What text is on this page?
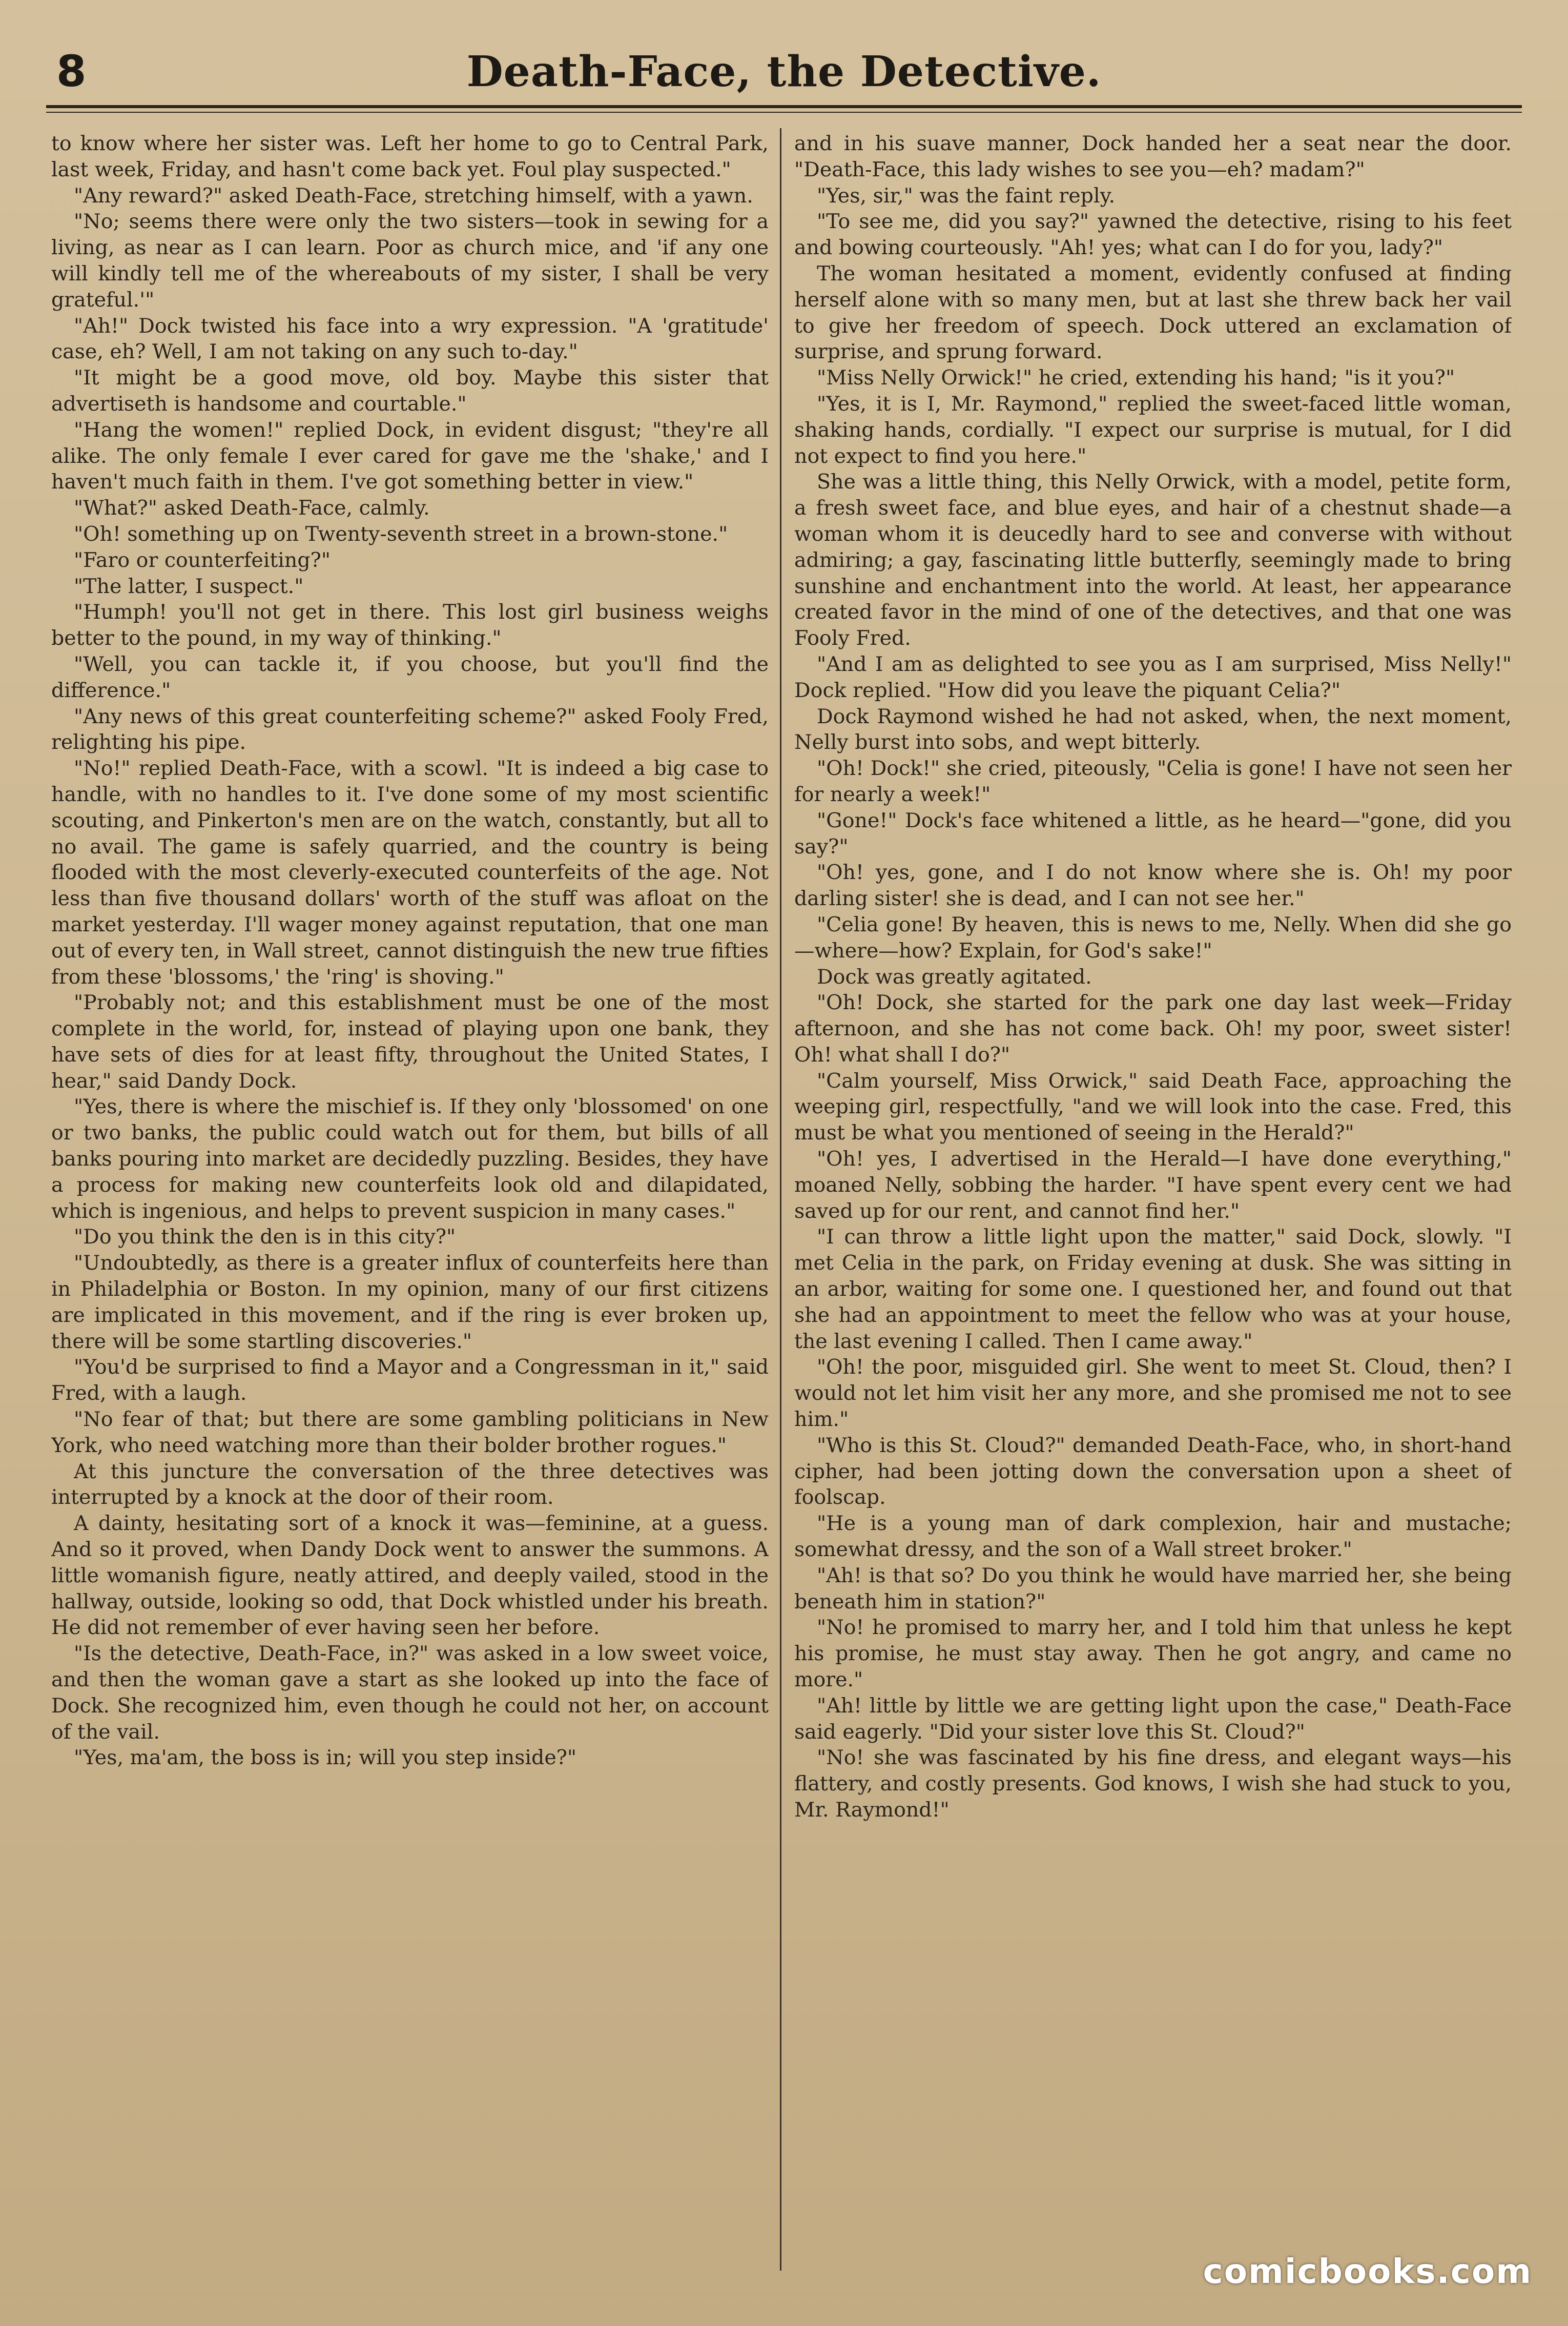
8	Death-Face, the Detective.

to know where her sister was. Left her home to go to Central Park, last week, Friday, and hasn't come back yet. Foul play suspected."

"Any reward?" asked Death-Face, stretching himself, with a yawn.

"No; seems there were only the two sisters—took in sewing for a living, as near as I can learn. Poor as church mice, and 'if any one will kindly tell me of the whereabouts of my sister, I shall be very grateful.'"

"Ah!" Dock twisted his face into a wry expression. "A 'gratitude' case, eh? Well, I am not taking on any such to-day."

"It might be a good move, old boy. Maybe this sister that advertiseth is handsome and courtable."

"Hang the women!" replied Dock, in evident disgust; "they're all alike. The only female I ever cared for gave me the 'shake,' and I haven't much faith in them. I've got something better in view."

"What?" asked Death-Face, calmly.

"Oh! something up on Twenty-seventh street in a brown-stone."

"Faro or counterfeiting?"

"The latter, I suspect."

"Humph! you'll not get in there. This lost girl business weighs better to the pound, in my way of thinking."

"Well, you can tackle it, if you choose, but you'll find the difference."

"Any news of this great counterfeiting scheme?" asked Fooly Fred, relighting his pipe.

"No!" replied Death-Face, with a scowl. "It is indeed a big case to handle, with no handles to it. I've done some of my most scientific scouting, and Pinkerton's men are on the watch, constantly, but all to no avail. The game is safely quarried, and the country is being flooded with the most cleverly-executed counterfeits of the age. Not less than five thousand dollars' worth of the stuff was afloat on the market yesterday. I'll wager money against reputation, that one man out of every ten, in Wall street, cannot distinguish the new true fifties from these 'blossoms,' the 'ring' is shoving."

"Probably not; and this establishment must be one of the most complete in the world, for, instead of playing upon one bank, they have sets of dies for at least fifty, throughout the United States, I hear," said Dandy Dock.

"Yes, there is where the mischief is. If they only 'blossomed' on one or two banks, the public could watch out for them, but bills of all banks pouring into market are decidedly puzzling. Besides, they have a process for making new counterfeits look old and dilapidated, which is ingenious, and helps to prevent suspicion in many cases."

"Do you think the den is in this city?"

"Undoubtedly, as there is a greater influx of counterfeits here than in Philadelphia or Boston. In my opinion, many of our first citizens are implicated in this movement, and if the ring is ever broken up, there will be some startling discoveries."

"You'd be surprised to find a Mayor and a Congressman in it," said Fred, with a laugh.

"No fear of that; but there are some gambling politicians in New York, who need watching more than their bolder brother rogues."

At this juncture the conversation of the three detectives was interrupted by a knock at the door of their room.

A dainty, hesitating sort of a knock it was—feminine, at a guess. And so it proved, when Dandy Dock went to answer the summons. A little womanish figure, neatly attired, and deeply vailed, stood in the hallway, outside, looking so odd, that Dock whistled under his breath. He did not remember of ever having seen her before.

"Is the detective, Death-Face, in?" was asked in a low sweet voice, and then the woman gave a start as she looked up into the face of Dock. She recognized him, even though he could not her, on account of the vail.

"Yes, ma'am, the boss is in; will you step inside?"

and in his suave manner, Dock handed her a seat near the door. "Death-Face, this lady wishes to see you—eh? madam?"

"Yes, sir," was the faint reply.

"To see me, did you say?" yawned the detective, rising to his feet and bowing courteously. "Ah! yes; what can I do for you, lady?"

The woman hesitated a moment, evidently confused at finding herself alone with so many men, but at last she threw back her vail to give her freedom of speech. Dock uttered an exclamation of surprise, and sprung forward.

"Miss Nelly Orwick!" he cried, extending his hand; "is it you?"

"Yes, it is I, Mr. Raymond," replied the sweet-faced little woman, shaking hands, cordially. "I expect our surprise is mutual, for I did not expect to find you here."

She was a little thing, this Nelly Orwick, with a model, petite form, a fresh sweet face, and blue eyes, and hair of a chestnut shade—a woman whom it is deucedly hard to see and converse with without admiring; a gay, fascinating little butterfly, seemingly made to bring sunshine and enchantment into the world. At least, her appearance created favor in the mind of one of the detectives, and that one was Fooly Fred.

"And I am as delighted to see you as I am surprised, Miss Nelly!" Dock replied. "How did you leave the piquant Celia?"

Dock Raymond wished he had not asked, when, the next moment, Nelly burst into sobs, and wept bitterly.

"Oh! Dock!" she cried, piteously, "Celia is gone! I have not seen her for nearly a week!"

"Gone!" Dock's face whitened a little, as he heard—"gone, did you say?"

"Oh! yes, gone, and I do not know where she is. Oh! my poor darling sister! she is dead, and I can not see her."

"Celia gone! By heaven, this is news to me, Nelly. When did she go—where—how? Explain, for God's sake!"

Dock was greatly agitated.

"Oh! Dock, she started for the park one day last week—Friday afternoon, and she has not come back. Oh! my poor, sweet sister! Oh! what shall I do?"

"Calm yourself, Miss Orwick," said Death Face, approaching the weeping girl, respectfully, "and we will look into the case. Fred, this must be what you mentioned of seeing in the Herald?"

"Oh! yes, I advertised in the Herald—I have done everything," moaned Nelly, sobbing the harder. "I have spent every cent we had saved up for our rent, and cannot find her."

"I can throw a little light upon the matter," said Dock, slowly. "I met Celia in the park, on Friday evening at dusk. She was sitting in an arbor, waiting for some one. I questioned her, and found out that she had an appointment to meet the fellow who was at your house, the last evening I called. Then I came away."

"Oh! the poor, misguided girl. She went to meet St. Cloud, then? I would not let him visit her any more, and she promised me not to see him."

"Who is this St. Cloud?" demanded Death-Face, who, in short-hand cipher, had been jotting down the conversation upon a sheet of foolscap.

"He is a young man of dark complexion, hair and mustache; somewhat dressy, and the son of a Wall street broker."

"Ah! is that so? Do you think he would have married her, she being beneath him in station?"

"No! he promised to marry her, and I told him that unless he kept his promise, he must stay away. Then he got angry, and came no more."

"Ah! little by little we are getting light upon the case," Death-Face said eagerly. "Did your sister love this St. Cloud?"

"No! she was fascinated by his fine dress, and elegant ways—his flattery, and costly presents. God knows, I wish she had stuck to you, Mr. Raymond!"

comicbooks.com
